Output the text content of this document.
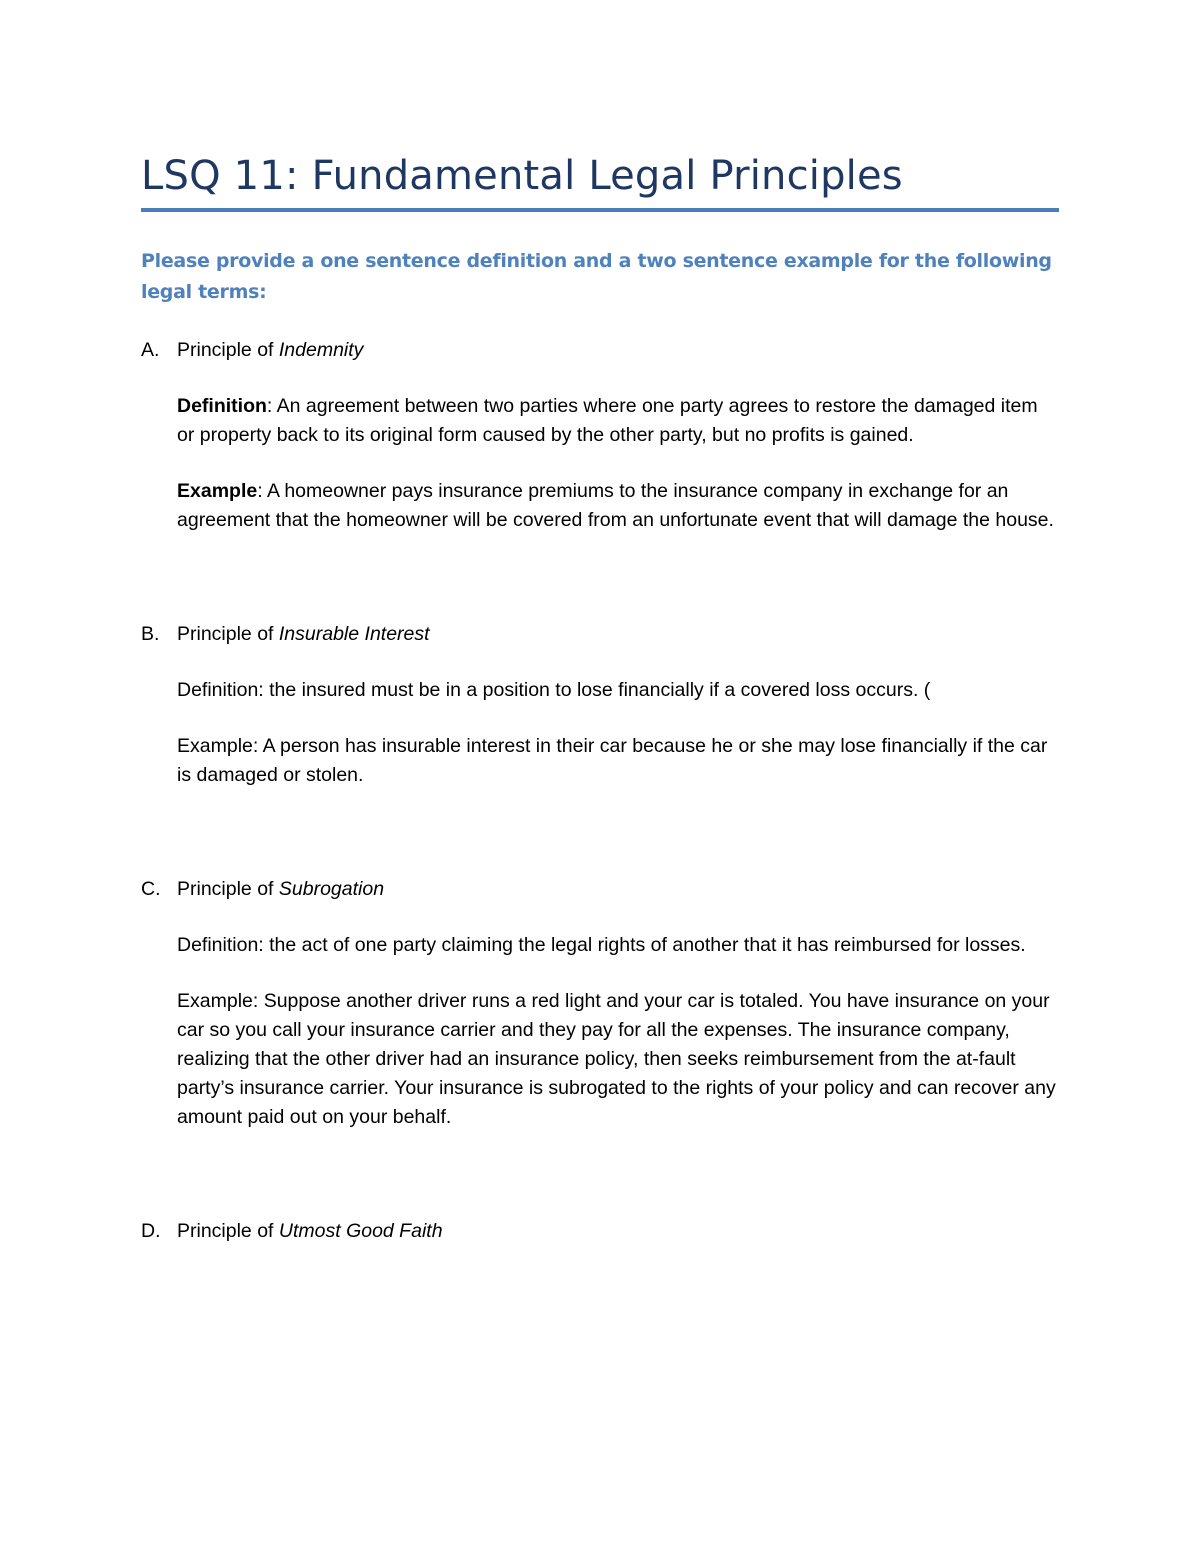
LSQ 11: Fundamental Legal Principles

Please provide a one sentence definition and a two sentence example for the following legal terms:

A. Principle of Indemnity

Definition: An agreement between two parties where one party agrees to restore the damaged item or property back to its original form caused by the other party, but no profits is gained.

Example: A homeowner pays insurance premiums to the insurance company in exchange for an agreement that the homeowner will be covered from an unfortunate event that will damage the house.

B. Principle of Insurable Interest

Definition: the insured must be in a position to lose financially if a covered loss occurs. (

Example: A person has insurable interest in their car because he or she may lose financially if the car is damaged or stolen.

C. Principle of Subrogation

Definition: the act of one party claiming the legal rights of another that it has reimbursed for losses.

Example: Suppose another driver runs a red light and your car is totaled. You have insurance on your car so you call your insurance carrier and they pay for all the expenses. The insurance company, realizing that the other driver had an insurance policy, then seeks reimbursement from the at-fault party’s insurance carrier. Your insurance is subrogated to the rights of your policy and can recover any amount paid out on your behalf.

D. Principle of Utmost Good Faith
